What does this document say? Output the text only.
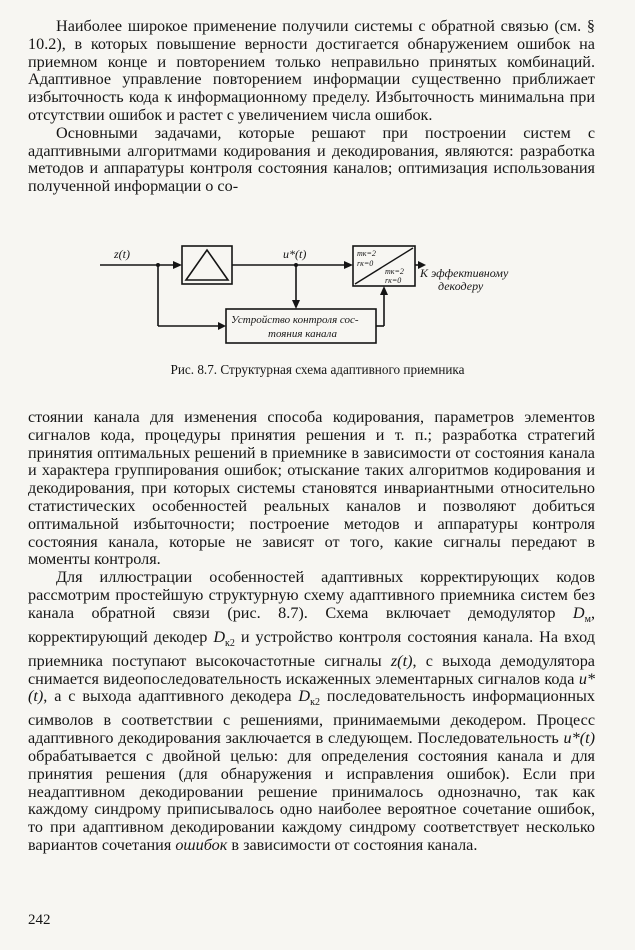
Наиболее широкое применение получили системы с обратной связью (см. § 10.2), в которых повышение верности достигается обнаружением ошибок на приемном конце и повторением только неправильно принятых комбинаций. Адаптивное управление повторением информации существенно приближает избыточность кода к информационному пределу. Избыточность минимальна при отсутствии ошибок и растет с увеличением числа ошибок.

Основными задачами, которые решают при построении систем с адаптивными алгоритмами кодирования и декодирования, являются: разработка методов и аппаратуры контроля состояния каналов; оптимизация использования полученной информации о со-

z(t)	u*(t)	mк=2
rк=0
mк=2
rк=0
К эффективному
декодеру
Устройство контроля сос-
тояния канала
Рис. 8.7. Структурная схема адаптивного приемника

стоянии канала для изменения способа кодирования, параметров элементов сигналов кода, процедуры принятия решения и т. п.; разработка стратегий принятия оптимальных решений в приемнике в зависимости от состояния канала и характера группирования ошибок; отыскание таких алгоритмов кодирования и декодирования, при которых системы становятся инвариантными относительно статистических особенностей реальных каналов и позволяют добиться оптимальной избыточности; построение методов и аппаратуры контроля состояния канала, которые не зависят от того, какие сигналы передают в моменты контроля.

Для иллюстрации особенностей адаптивных корректирующих кодов рассмотрим простейшую структурную схему адаптивного приемника систем без канала обратной связи (рис. 8.7). Схема включает демодулятор $D_м$, корректирующий декодер $D_{к2}$ и устройство контроля состояния канала. На вход приемника поступают высокочастотные сигналы z(t), с выхода демодулятора снимается видеопоследовательность искаженных элементарных сигналов кода u*(t), а с выхода адаптивного декодера $D_{к2}$ последовательность информационных символов в соответствии с решениями, принимаемыми декодером. Процесс адаптивного декодирования заключается в следующем. Последовательность u*(t) обрабатывается с двойной целью: для определения состояния канала и для принятия решения (для обнаружения и исправления ошибок). Если при неадаптивном декодировании решение принималось однозначно, так как каждому синдрому приписывалось одно наиболее вероятное сочетание ошибок, то при адаптивном декодировании каждому синдрому соответствует несколько вариантов сочетания ошибок в зависимости от состояния канала.

242
